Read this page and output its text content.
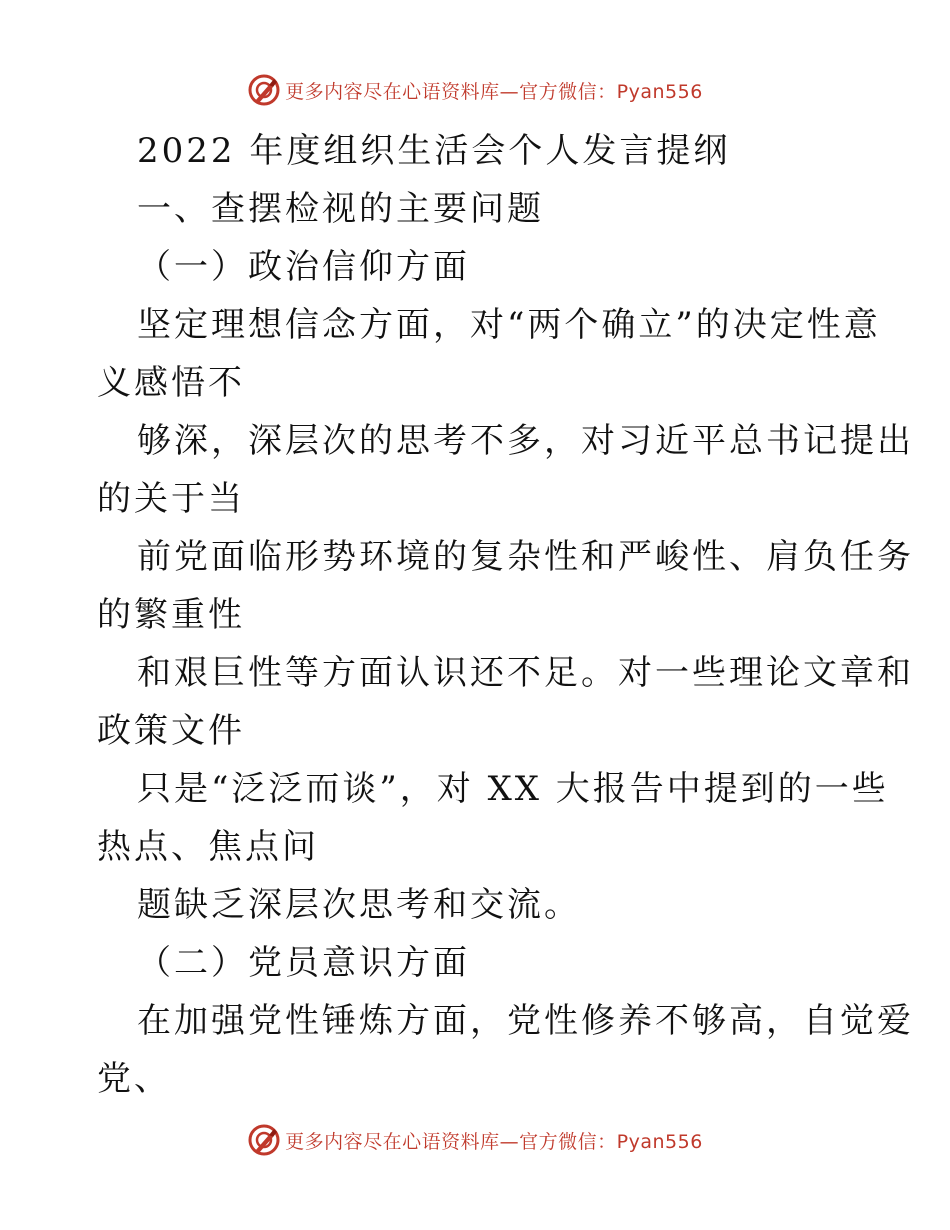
更多内容尽在心语资料库—官方微信：Pyan556
2022 年度组织生活会个人发言提纲
一、查摆检视的主要问题
（一）政治信仰方面
坚定理想信念方面，对“两个确立”的决定性意
义感悟不
够深，深层次的思考不多，对习近平总书记提出
的关于当
前党面临形势环境的复杂性和严峻性、肩负任务
的繁重性
和艰巨性等方面认识还不足。对一些理论文章和
政策文件
只是“泛泛而谈”，对 XX 大报告中提到的一些
热点、焦点问
题缺乏深层次思考和交流。
（二）党员意识方面
在加强党性锤炼方面，党性修养不够高，自觉爱
党、
更多内容尽在心语资料库—官方微信：Pyan556
